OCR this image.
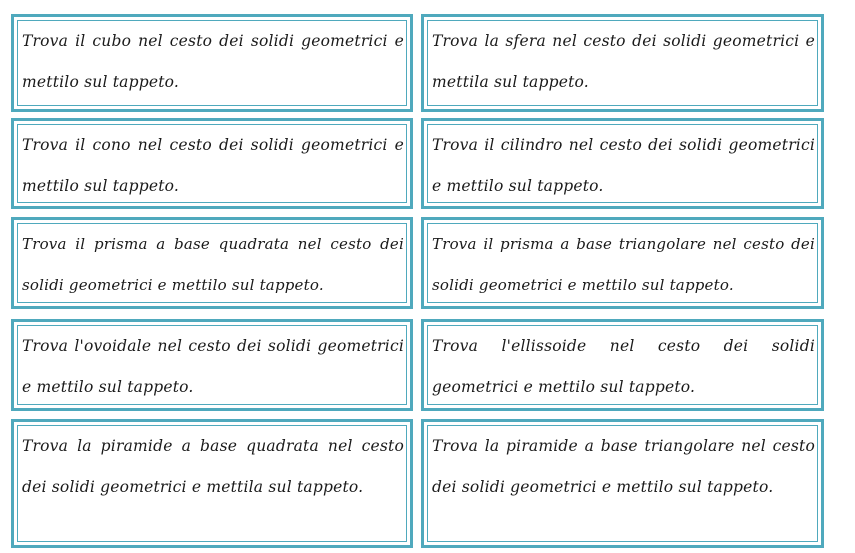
Trova il cubo nel cesto dei solidi geometrici e mettilo sul tappeto.

Trova la sfera nel cesto dei solidi geometrici e mettila sul tappeto.

Trova il cono nel cesto dei solidi geometrici e mettilo sul tappeto.

Trova il cilindro nel cesto dei solidi geometrici e mettilo sul tappeto.

Trova il prisma a base quadrata nel cesto dei solidi geometrici e mettilo sul tappeto.

Trova il prisma a base triangolare nel cesto dei solidi geometrici e mettilo sul tappeto.

Trova l'ovoidale nel cesto dei solidi geometrici e mettilo sul tappeto.

Trova l'ellissoide nel cesto dei solidi geometrici e mettilo sul tappeto.

Trova la piramide a base quadrata nel cesto dei solidi geometrici e mettila sul tappeto.

Trova la piramide a base triangolare nel cesto dei solidi geometrici e mettilo sul tappeto.
